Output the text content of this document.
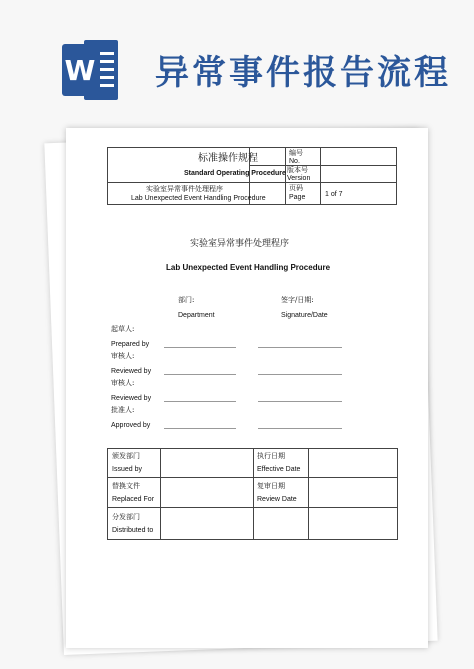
W 异常事件报告流程
标准操作规程
Standard Operating Procedure
编号
No.
版本号
Version
实验室异常事件处理程序
Lab Unexpected Event Handling Procedure
页码
Page	1 of 7
实验室异常事件处理程序
Lab Unexpected Event Handling Procedure
部门:
Department
签字/日期:
Signature/Date
起草人:
Prepared by
审核人:
Reviewed by
审核人:
Reviewed by
批准人:
Approved by
颁发部门
Issued by
执行日期
Effective Date
替换文件
Replaced For
复审日期
Review Date
分发部门
Distributed to
